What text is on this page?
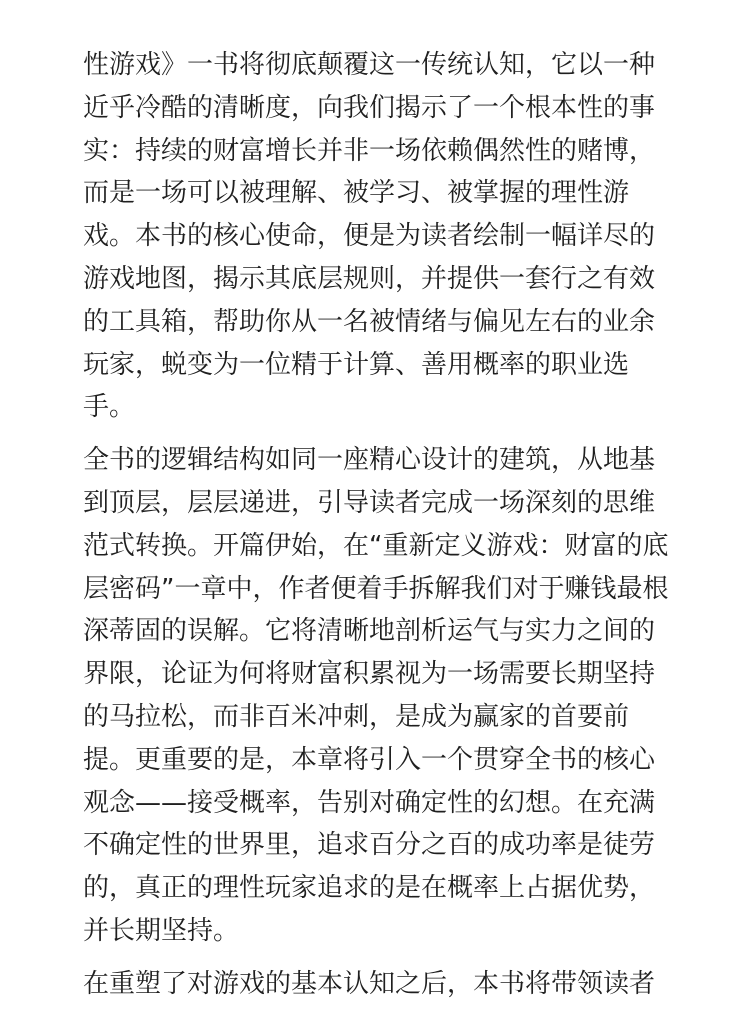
性游戏》一书将彻底颠覆这一传统认知，它以一种近乎冷酷的清晰度，向我们揭示了一个根本性的事实：持续的财富增长并非一场依赖偶然性的赌博，而是一场可以被理解、被学习、被掌握的理性游戏。本书的核心使命，便是为读者绘制一幅详尽的游戏地图，揭示其底层规则，并提供一套行之有效的工具箱，帮助你从一名被情绪与偏见左右的业余玩家，蜕变为一位精于计算、善用概率的职业选手。

全书的逻辑结构如同一座精心设计的建筑，从地基到顶层，层层递进，引导读者完成一场深刻的思维范式转换。开篇伊始，在“重新定义游戏：财富的底层密码”一章中，作者便着手拆解我们对于赚钱最根深蒂固的误解。它将清晰地剖析运气与实力之间的界限，论证为何将财富积累视为一场需要长期坚持的马拉松，而非百米冲刺，是成为赢家的首要前提。更重要的是，本章将引入一个贯穿全书的核心观念——接受概率，告别对确定性的幻想。在充满不确定性的世界里，追求百分之百的成功率是徒劳的，真正的理性玩家追求的是在概率上占据优势，并长期坚持。

在重塑了对游戏的基本认知之后，本书将带领读者
